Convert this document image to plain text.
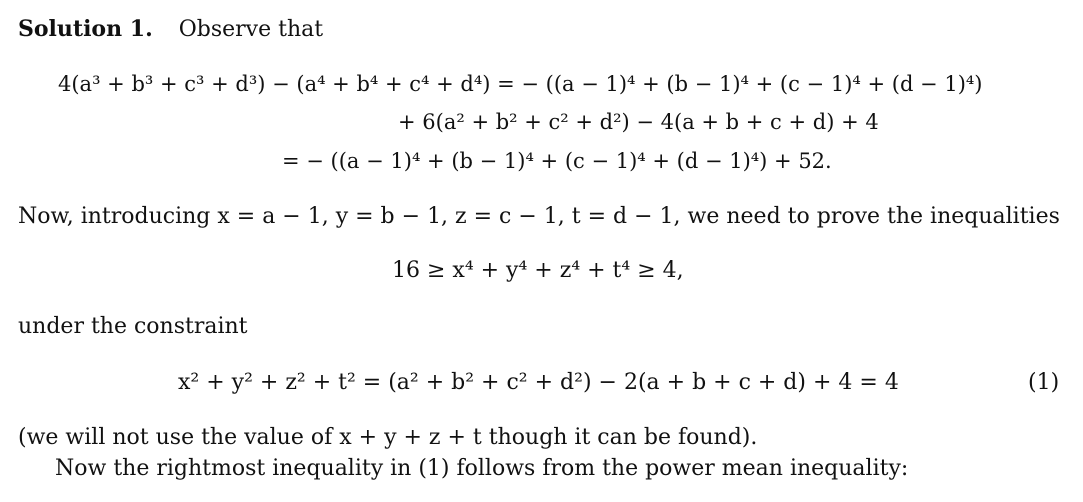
Solution 1. Observe that
4(a³ + b³ + c³ + d³) − (a⁴ + b⁴ + c⁴ + d⁴) = − ((a − 1)⁴ + (b − 1)⁴ + (c − 1)⁴ + (d − 1)⁴)
+ 6(a² + b² + c² + d²) − 4(a + b + c + d) + 4
= − ((a − 1)⁴ + (b − 1)⁴ + (c − 1)⁴ + (d − 1)⁴) + 52.
Now, introducing x = a − 1, y = b − 1, z = c − 1, t = d − 1, we need to prove the inequalities
16 ≥ x⁴ + y⁴ + z⁴ + t⁴ ≥ 4,
under the constraint
x² + y² + z² + t² = (a² + b² + c² + d²) − 2(a + b + c + d) + 4 = 4	(1)
(we will not use the value of x + y + z + t though it can be found).
Now the rightmost inequality in (1) follows from the power mean inequality:
